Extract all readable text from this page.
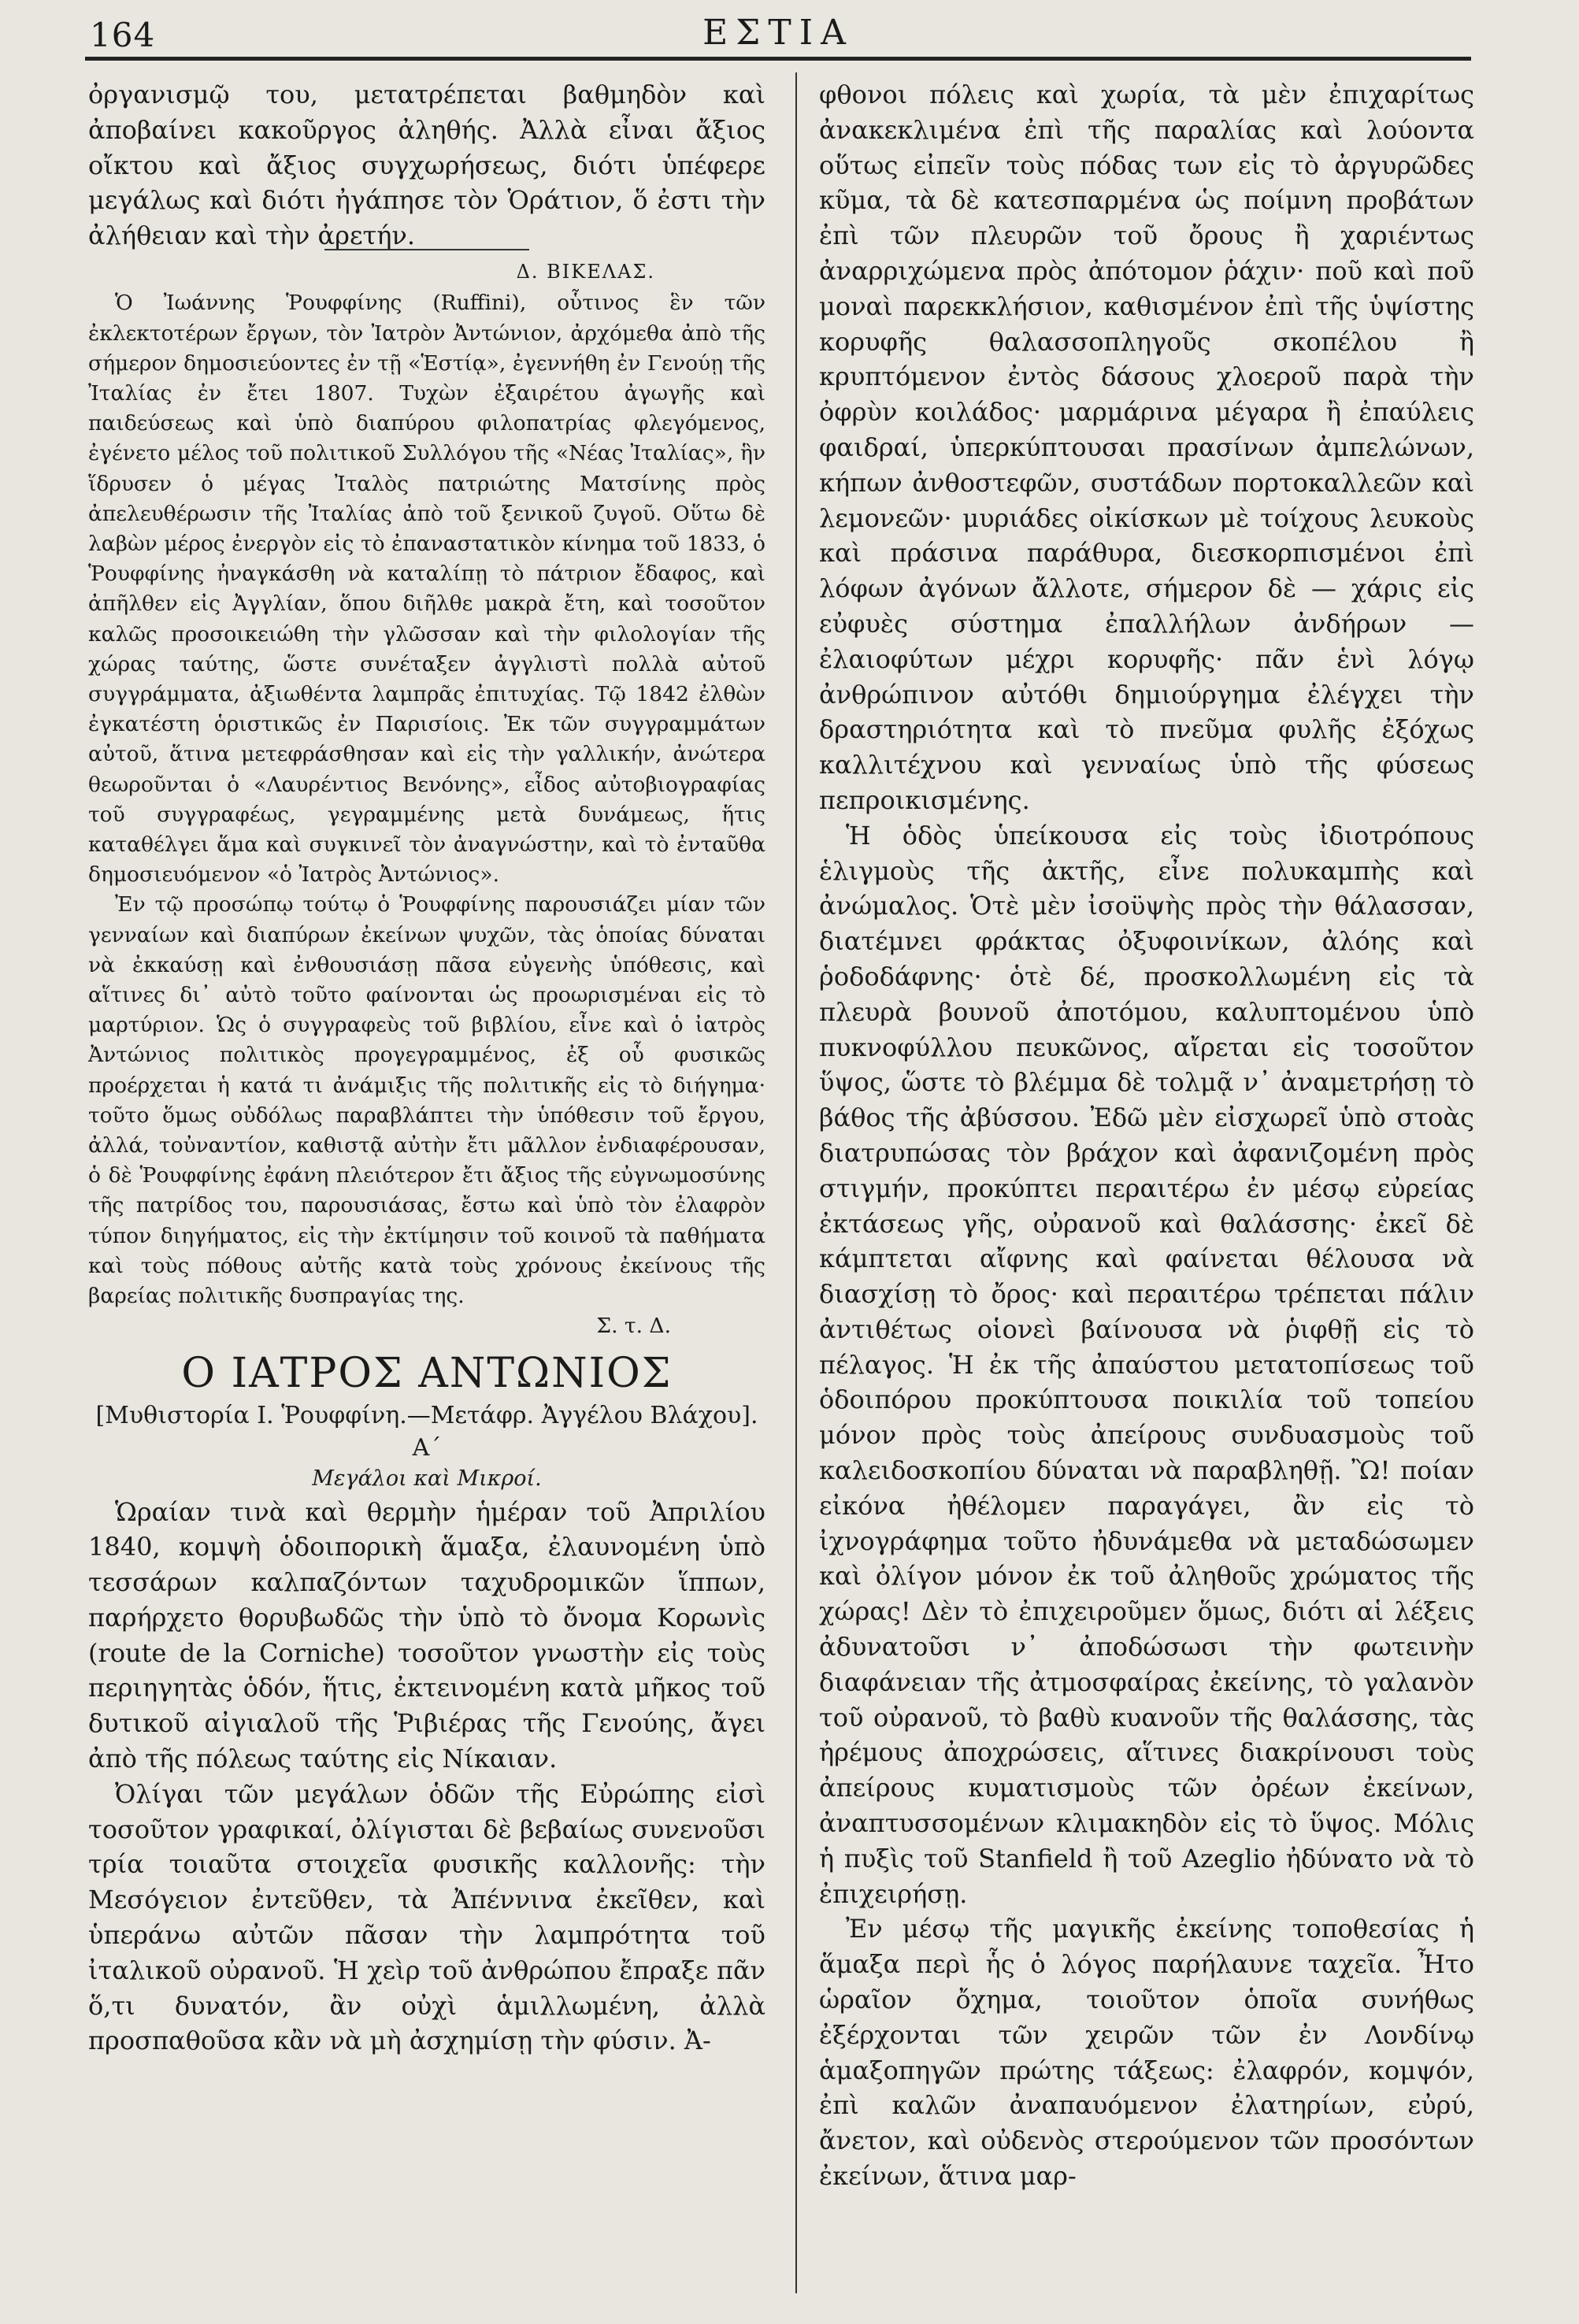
164	ΕΣΤΙΑ

ὀργανισμῷ του, μετατρέπεται βαθμηδὸν καὶ ἀποβαίνει κακοῦργος ἀληθής. Ἀλλὰ εἶναι ἄξιος οἴκτου καὶ ἄξιος συγχωρήσεως, διότι ὑπέφερε μεγάλως καὶ διότι ἠγάπησε τὸν Ὁράτιον, ὅ ἐστι τὴν ἀλήθειαν καὶ τὴν ἀρετήν.

Δ. ΒΙΚΕΛΑΣ.

Ὁ Ἰωάννης Ῥουφφίνης (Ruffini), οὗτινος ἓν τῶν ἐκλεκτοτέρων ἔργων, τὸν Ἰατρὸν Ἀντώνιον, ἀρχόμεθα ἀπὸ τῆς σήμερον δημοσιεύοντες ἐν τῇ «Ἑστίᾳ», ἐγεννήθη ἐν Γενούῃ τῆς Ἰταλίας ἐν ἔτει 1807. Τυχὼν ἐξαιρέτου ἀγωγῆς καὶ παιδεύσεως καὶ ὑπὸ διαπύρου φιλοπατρίας φλεγόμενος, ἐγένετο μέλος τοῦ πολιτικοῦ Συλλόγου τῆς «Νέας Ἰταλίας», ἣν ἵδρυσεν ὁ μέγας Ἰταλὸς πατριώτης Ματσίνης πρὸς ἀπελευθέρωσιν τῆς Ἰταλίας ἀπὸ τοῦ ξενικοῦ ζυγοῦ. Οὕτω δὲ λαβὼν μέρος ἐνεργὸν εἰς τὸ ἐπαναστατικὸν κίνημα τοῦ 1833, ὁ Ῥουφφίνης ἠναγκάσθη νὰ καταλίπῃ τὸ πάτριον ἔδαφος, καὶ ἀπῆλθεν εἰς Ἀγγλίαν, ὅπου διῆλθε μακρὰ ἔτη, καὶ τοσοῦτον καλῶς προσοικειώθη τὴν γλῶσσαν καὶ τὴν φιλολογίαν τῆς χώρας ταύτης, ὥστε συνέταξεν ἀγγλιστὶ πολλὰ αὐτοῦ συγγράμματα, ἀξιωθέντα λαμπρᾶς ἐπιτυχίας. Τῷ 1842 ἐλθὼν ἐγκατέστη ὁριστικῶς ἐν Παρισίοις. Ἐκ τῶν συγγραμμάτων αὐτοῦ, ἅτινα μετεφράσθησαν καὶ εἰς τὴν γαλλικήν, ἀνώτερα θεωροῦνται ὁ «Λαυρέντιος Βενόνης», εἶδος αὐτοβιογραφίας τοῦ συγγραφέως, γεγραμμένης μετὰ δυνάμεως, ἥτις καταθέλγει ἅμα καὶ συγκινεῖ τὸν ἀναγνώστην, καὶ τὸ ἐνταῦθα δημοσιευόμενον «ὁ Ἰατρὸς Ἀντώνιος».

Ἐν τῷ προσώπῳ τούτῳ ὁ Ῥουφφίνης παρουσιάζει μίαν τῶν γενναίων καὶ διαπύρων ἐκείνων ψυχῶν, τὰς ὁποίας δύναται νὰ ἐκκαύσῃ καὶ ἐνθουσιάσῃ πᾶσα εὐγενὴς ὑπόθεσις, καὶ αἵτινες δι᾽ αὐτὸ τοῦτο φαίνονται ὡς προωρισμέναι εἰς τὸ μαρτύριον. Ὡς ὁ συγγραφεὺς τοῦ βιβλίου, εἶνε καὶ ὁ ἰατρὸς Ἀντώνιος πολιτικὸς προγεγραμμένος, ἐξ οὗ φυσικῶς προέρχεται ἡ κατά τι ἀνάμιξις τῆς πολιτικῆς εἰς τὸ διήγημα· τοῦτο ὅμως οὐδόλως παραβλάπτει τὴν ὑπόθεσιν τοῦ ἔργου, ἀλλά, τοὐναντίον, καθιστᾷ αὐτὴν ἔτι μᾶλλον ἐνδιαφέρουσαν, ὁ δὲ Ῥουφφίνης ἐφάνη πλειότερον ἔτι ἄξιος τῆς εὐγνωμοσύνης τῆς πατρίδος του, παρουσιάσας, ἔστω καὶ ὑπὸ τὸν ἐλαφρὸν τύπον διηγήματος, εἰς τὴν ἐκτίμησιν τοῦ κοινοῦ τὰ παθήματα καὶ τοὺς πόθους αὐτῆς κατὰ τοὺς χρόνους ἐκείνους τῆς βαρείας πολιτικῆς δυσπραγίας της.

Σ. τ. Δ.

Ο ΙΑΤΡΟΣ ΑΝΤΩΝΙΟΣ
[Μυθιστορία Ι. Ῥουφφίνη.—Μετάφρ. Ἀγγέλου Βλάχου].
Α΄
Μεγάλοι καὶ Μικροί.

Ὡραίαν τινὰ καὶ θερμὴν ἡμέραν τοῦ Ἀπριλίου 1840, κομψὴ ὁδοιπορικὴ ἅμαξα, ἐλαυνομένη ὑπὸ τεσσάρων καλπαζόντων ταχυδρομικῶν ἵππων, παρήρχετο θορυβωδῶς τὴν ὑπὸ τὸ ὄνομα Κορωνὶς (route de la Corniche) τοσοῦτον γνωστὴν εἰς τοὺς περιηγητὰς ὁδόν, ἥτις, ἐκτεινομένη κατὰ μῆκος τοῦ δυτικοῦ αἰγιαλοῦ τῆς Ῥιβιέρας τῆς Γενούης, ἄγει ἀπὸ τῆς πόλεως ταύτης εἰς Νίκαιαν.

Ὀλίγαι τῶν μεγάλων ὁδῶν τῆς Εὐρώπης εἰσὶ τοσοῦτον γραφικαί, ὀλίγισται δὲ βεβαίως συνενοῦσι τρία τοιαῦτα στοιχεῖα φυσικῆς καλλονῆς: τὴν Μεσόγειον ἐντεῦθεν, τὰ Ἀπέννινα ἐκεῖθεν, καὶ ὑπεράνω αὐτῶν πᾶσαν τὴν λαμπρότητα τοῦ ἰταλικοῦ οὐρανοῦ. Ἡ χεὶρ τοῦ ἀνθρώπου ἔπραξε πᾶν ὅ,τι δυνατόν, ἂν οὐχὶ ἁμιλλωμένη, ἀλλὰ προσπαθοῦσα κἂν νὰ μὴ ἀσχημίσῃ τὴν φύσιν. Ἀ-

φθονοι πόλεις καὶ χωρία, τὰ μὲν ἐπιχαρίτως ἀνακεκλιμένα ἐπὶ τῆς παραλίας καὶ λούοντα οὕτως εἰπεῖν τοὺς πόδας των εἰς τὸ ἀργυρῶδες κῦμα, τὰ δὲ κατεσπαρμένα ὡς ποίμνη προβάτων ἐπὶ τῶν πλευρῶν τοῦ ὄρους ἢ χαριέντως ἀναρριχώμενα πρὸς ἀπότομον ῥάχιν· ποῦ καὶ ποῦ μοναὶ παρεκκλήσιον, καθισμένον ἐπὶ τῆς ὑψίστης κορυφῆς θαλασσοπληγοῦς σκοπέλου ἢ κρυπτόμενον ἐντὸς δάσους χλοεροῦ παρὰ τὴν ὀφρὺν κοιλάδος· μαρμάρινα μέγαρα ἢ ἐπαύλεις φαιδραί, ὑπερκύπτουσαι πρασίνων ἀμπελώνων, κήπων ἀνθοστεφῶν, συστάδων πορτοκαλλεῶν καὶ λεμονεῶν· μυριάδες οἰκίσκων μὲ τοίχους λευκοὺς καὶ πράσινα παράθυρα, διεσκορπισμένοι ἐπὶ λόφων ἀγόνων ἄλλοτε, σήμερον δὲ — χάρις εἰς εὐφυὲς σύστημα ἐπαλλήλων ἀνδήρων — ἐλαιοφύτων μέχρι κορυφῆς· πᾶν ἑνὶ λόγῳ ἀνθρώπινον αὐτόθι δημιούργημα ἐλέγχει τὴν δραστηριότητα καὶ τὸ πνεῦμα φυλῆς ἐξόχως καλλιτέχνου καὶ γενναίως ὑπὸ τῆς φύσεως πεπροικισμένης.

Ἡ ὁδὸς ὑπείκουσα εἰς τοὺς ἰδιοτρόπους ἑλιγμοὺς τῆς ἀκτῆς, εἶνε πολυκαμπὴς καὶ ἀνώμαλος. Ὁτὲ μὲν ἰσοϋψὴς πρὸς τὴν θάλασσαν, διατέμνει φράκτας ὀξυφοινίκων, ἀλόης καὶ ῥοδοδάφνης· ὁτὲ δέ, προσκολλωμένη εἰς τὰ πλευρὰ βουνοῦ ἀποτόμου, καλυπτομένου ὑπὸ πυκνοφύλλου πευκῶνος, αἴρεται εἰς τοσοῦτον ὕψος, ὥστε τὸ βλέμμα δὲ τολμᾷ ν᾽ ἀναμετρήσῃ τὸ βάθος τῆς ἀβύσσου. Ἐδῶ μὲν εἰσχωρεῖ ὑπὸ στοὰς διατρυπώσας τὸν βράχον καὶ ἀφανιζομένη πρὸς στιγμήν, προκύπτει περαιτέρω ἐν μέσῳ εὐρείας ἐκτάσεως γῆς, οὐρανοῦ καὶ θαλάσσης· ἐκεῖ δὲ κάμπτεται αἴφνης καὶ φαίνεται θέλουσα νὰ διασχίσῃ τὸ ὄρος· καὶ περαιτέρω τρέπεται πάλιν ἀντιθέτως οἱονεὶ βαίνουσα νὰ ῥιφθῇ εἰς τὸ πέλαγος. Ἡ ἐκ τῆς ἀπαύστου μετατοπίσεως τοῦ ὁδοιπόρου προκύπτουσα ποικιλία τοῦ τοπείου μόνον πρὸς τοὺς ἀπείρους συνδυασμοὺς τοῦ καλειδοσκοπίου δύναται νὰ παραβληθῇ. Ὢ! ποίαν εἰκόνα ἠθέλομεν παραγάγει, ἂν εἰς τὸ ἰχνογράφημα τοῦτο ἠδυνάμεθα νὰ μεταδώσωμεν καὶ ὀλίγον μόνον ἐκ τοῦ ἀληθοῦς χρώματος τῆς χώρας! Δὲν τὸ ἐπιχειροῦμεν ὅμως, διότι αἱ λέξεις ἀδυνατοῦσι ν᾽ ἀποδώσωσι τὴν φωτεινὴν διαφάνειαν τῆς ἀτμοσφαίρας ἐκείνης, τὸ γαλανὸν τοῦ οὐρανοῦ, τὸ βαθὺ κυανοῦν τῆς θαλάσσης, τὰς ἠρέμους ἀποχρώσεις, αἵτινες διακρίνουσι τοὺς ἀπείρους κυματισμοὺς τῶν ὀρέων ἐκείνων, ἀναπτυσσομένων κλιμακηδὸν εἰς τὸ ὕψος. Μόλις ἡ πυξὶς τοῦ Stanfield ἢ τοῦ Azeglio ἠδύνατο νὰ τὸ ἐπιχειρήσῃ.

Ἐν μέσῳ τῆς μαγικῆς ἐκείνης τοποθεσίας ἡ ἅμαξα περὶ ἧς ὁ λόγος παρήλαυνε ταχεῖα. Ἦτο ὡραῖον ὄχημα, τοιοῦτον ὁποῖα συνήθως ἐξέρχονται τῶν χειρῶν τῶν ἐν Λονδίνῳ ἁμαξοπηγῶν πρώτης τάξεως: ἐλαφρόν, κομψόν, ἐπὶ καλῶν ἀναπαυόμενον ἐλατηρίων, εὐρύ, ἄνετον, καὶ οὐδενὸς στερούμενον τῶν προσόντων ἐκείνων, ἅτινα μαρ-
